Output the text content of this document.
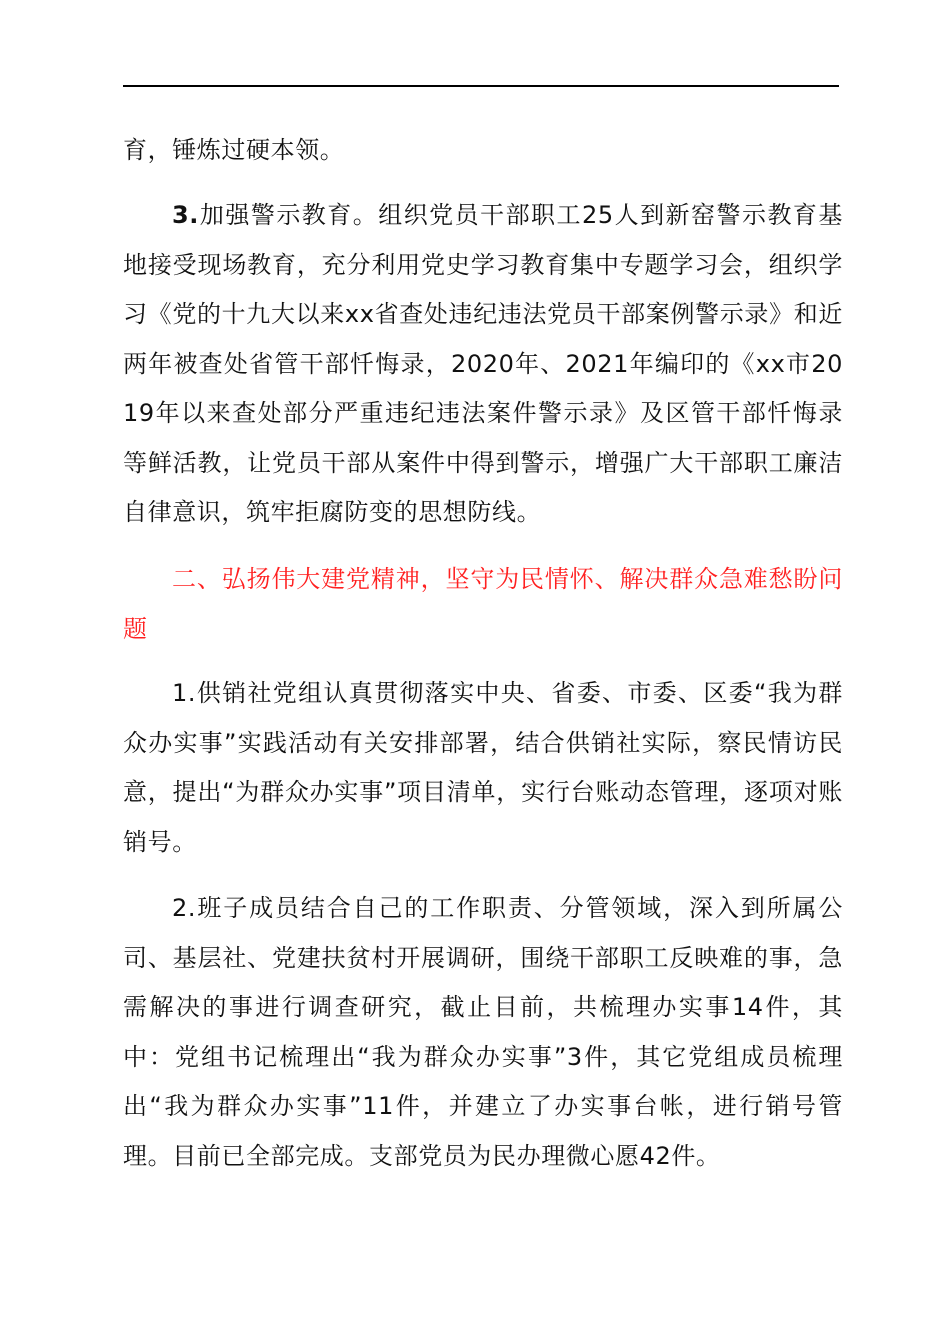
育，锤炼过硬本领。

3.加强警示教育。组织党员干部职工25人到新窑警示教育基地接受现场教育，充分利用党史学习教育集中专题学习会，组织学习《党的十九大以来xx省查处违纪违法党员干部案例警示录》和近两年被查处省管干部忏悔录，2020年、2021年编印的《xx市2019年以来查处部分严重违纪违法案件警示录》及区管干部忏悔录等鲜活教，让党员干部从案件中得到警示，增强广大干部职工廉洁自律意识，筑牢拒腐防变的思想防线。

二、弘扬伟大建党精神，坚守为民情怀、解决群众急难愁盼问题

1.供销社党组认真贯彻落实中央、省委、市委、区委“我为群众办实事”实践活动有关安排部署，结合供销社实际，察民情访民意，提出“为群众办实事”项目清单，实行台账动态管理，逐项对账销号。

2.班子成员结合自己的工作职责、分管领域，深入到所属公司、基层社、党建扶贫村开展调研，围绕干部职工反映难的事，急需解决的事进行调查研究，截止目前，共梳理办实事14件，其中：党组书记梳理出“我为群众办实事”3件，其它党组成员梳理出“我为群众办实事”11件，并建立了办实事台帐，进行销号管理。目前已全部完成。支部党员为民办理微心愿42件。
